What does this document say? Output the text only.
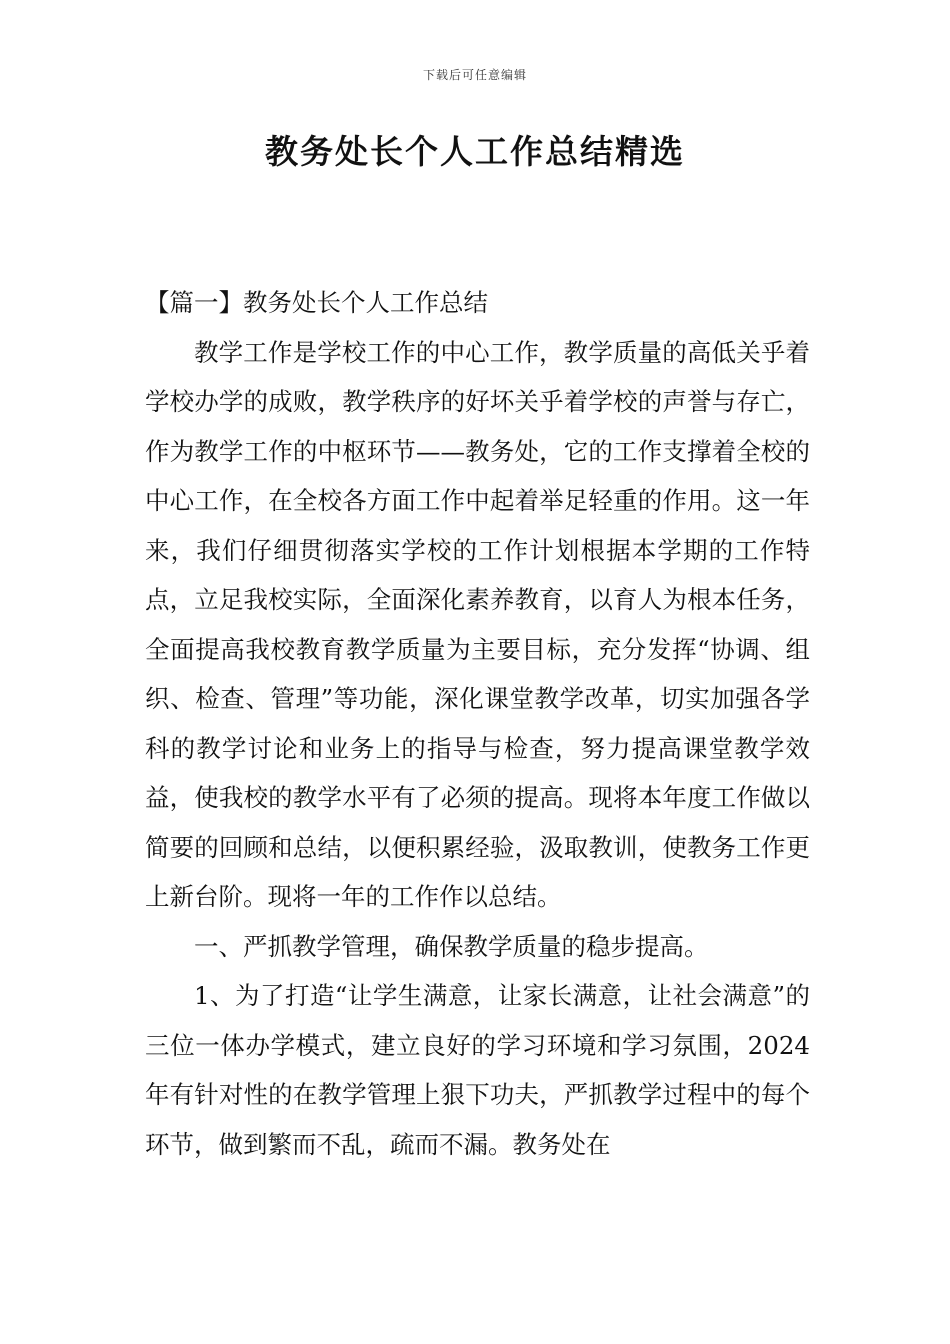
下载后可任意编辑
教务处长个人工作总结精选

【篇一】教务处长个人工作总结

教学工作是学校工作的中心工作，教学质量的高低关乎着学校办学的成败，教学秩序的好坏关乎着学校的声誉与存亡，作为教学工作的中枢环节——教务处，它的工作支撑着全校的中心工作，在全校各方面工作中起着举足轻重的作用。这一年来，我们仔细贯彻落实学校的工作计划根据本学期的工作特点，立足我校实际，全面深化素养教育，以育人为根本任务，全面提高我校教育教学质量为主要目标，充分发挥“协调、组织、检查、管理”等功能，深化课堂教学改革，切实加强各学科的教学讨论和业务上的指导与检查，努力提高课堂教学效益，使我校的教学水平有了必须的提高。现将本年度工作做以简要的回顾和总结，以便积累经验，汲取教训，使教务工作更上新台阶。现将一年的工作作以总结。

一、严抓教学管理，确保教学质量的稳步提高。

1、为了打造“让学生满意，让家长满意，让社会满意”的三位一体办学模式，建立良好的学习环境和学习氛围，2024年有针对性的在教学管理上狠下功夫，严抓教学过程中的每个环节，做到繁而不乱，疏而不漏。教务处在
